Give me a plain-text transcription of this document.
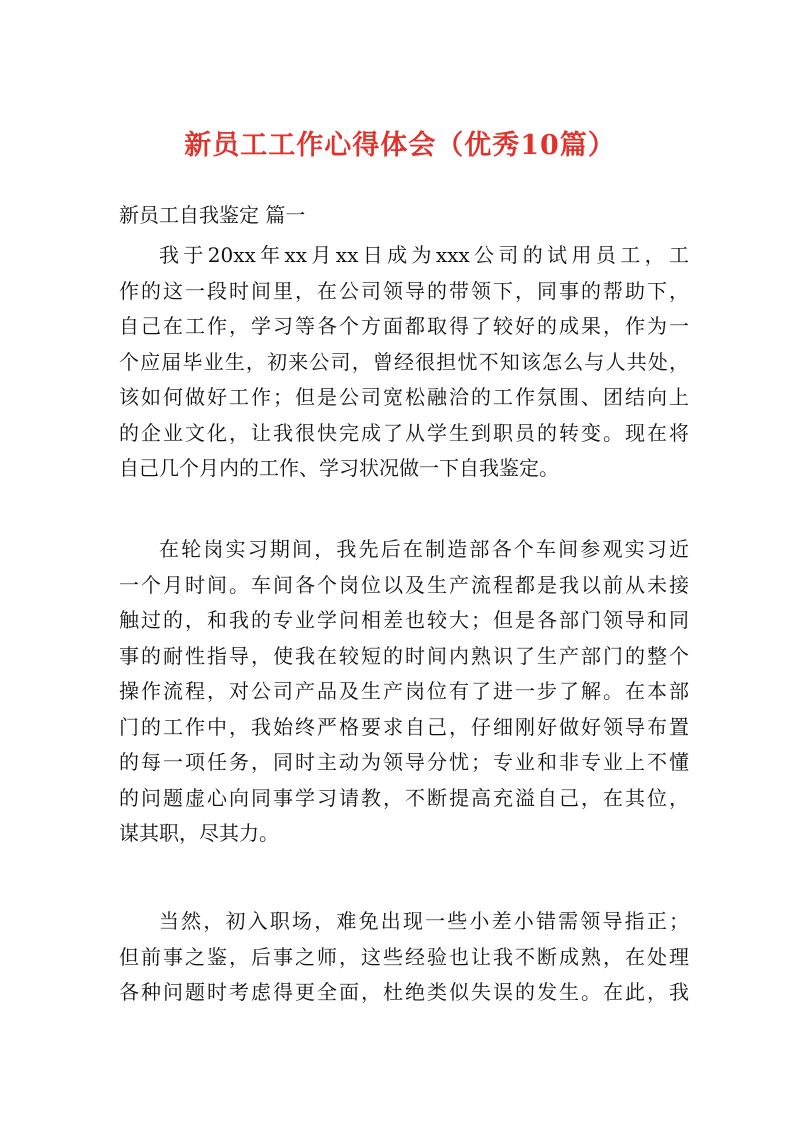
新员工工作心得体会（优秀10篇）
新员工自我鉴定 篇一
我于20xx年xx月xx日成为xxx公司的试用员工，工
作的这一段时间里，在公司领导的带领下，同事的帮助下，
自己在工作，学习等各个方面都取得了较好的成果，作为一
个应届毕业生，初来公司，曾经很担忧不知该怎么与人共处，
该如何做好工作；但是公司宽松融洽的工作氛围、团结向上
的企业文化，让我很快完成了从学生到职员的转变。现在将
自己几个月内的工作、学习状况做一下自我鉴定。
在轮岗实习期间，我先后在制造部各个车间参观实习近
一个月时间。车间各个岗位以及生产流程都是我以前从未接
触过的，和我的专业学问相差也较大；但是各部门领导和同
事的耐性指导，使我在较短的时间内熟识了生产部门的整个
操作流程，对公司产品及生产岗位有了进一步了解。在本部
门的工作中，我始终严格要求自己，仔细刚好做好领导布置
的每一项任务，同时主动为领导分忧；专业和非专业上不懂
的问题虚心向同事学习请教，不断提高充溢自己，在其位，
谋其职，尽其力。
当然，初入职场，难免出现一些小差小错需领导指正；
但前事之鉴，后事之师，这些经验也让我不断成熟，在处理
各种问题时考虑得更全面，杜绝类似失误的发生。在此，我
